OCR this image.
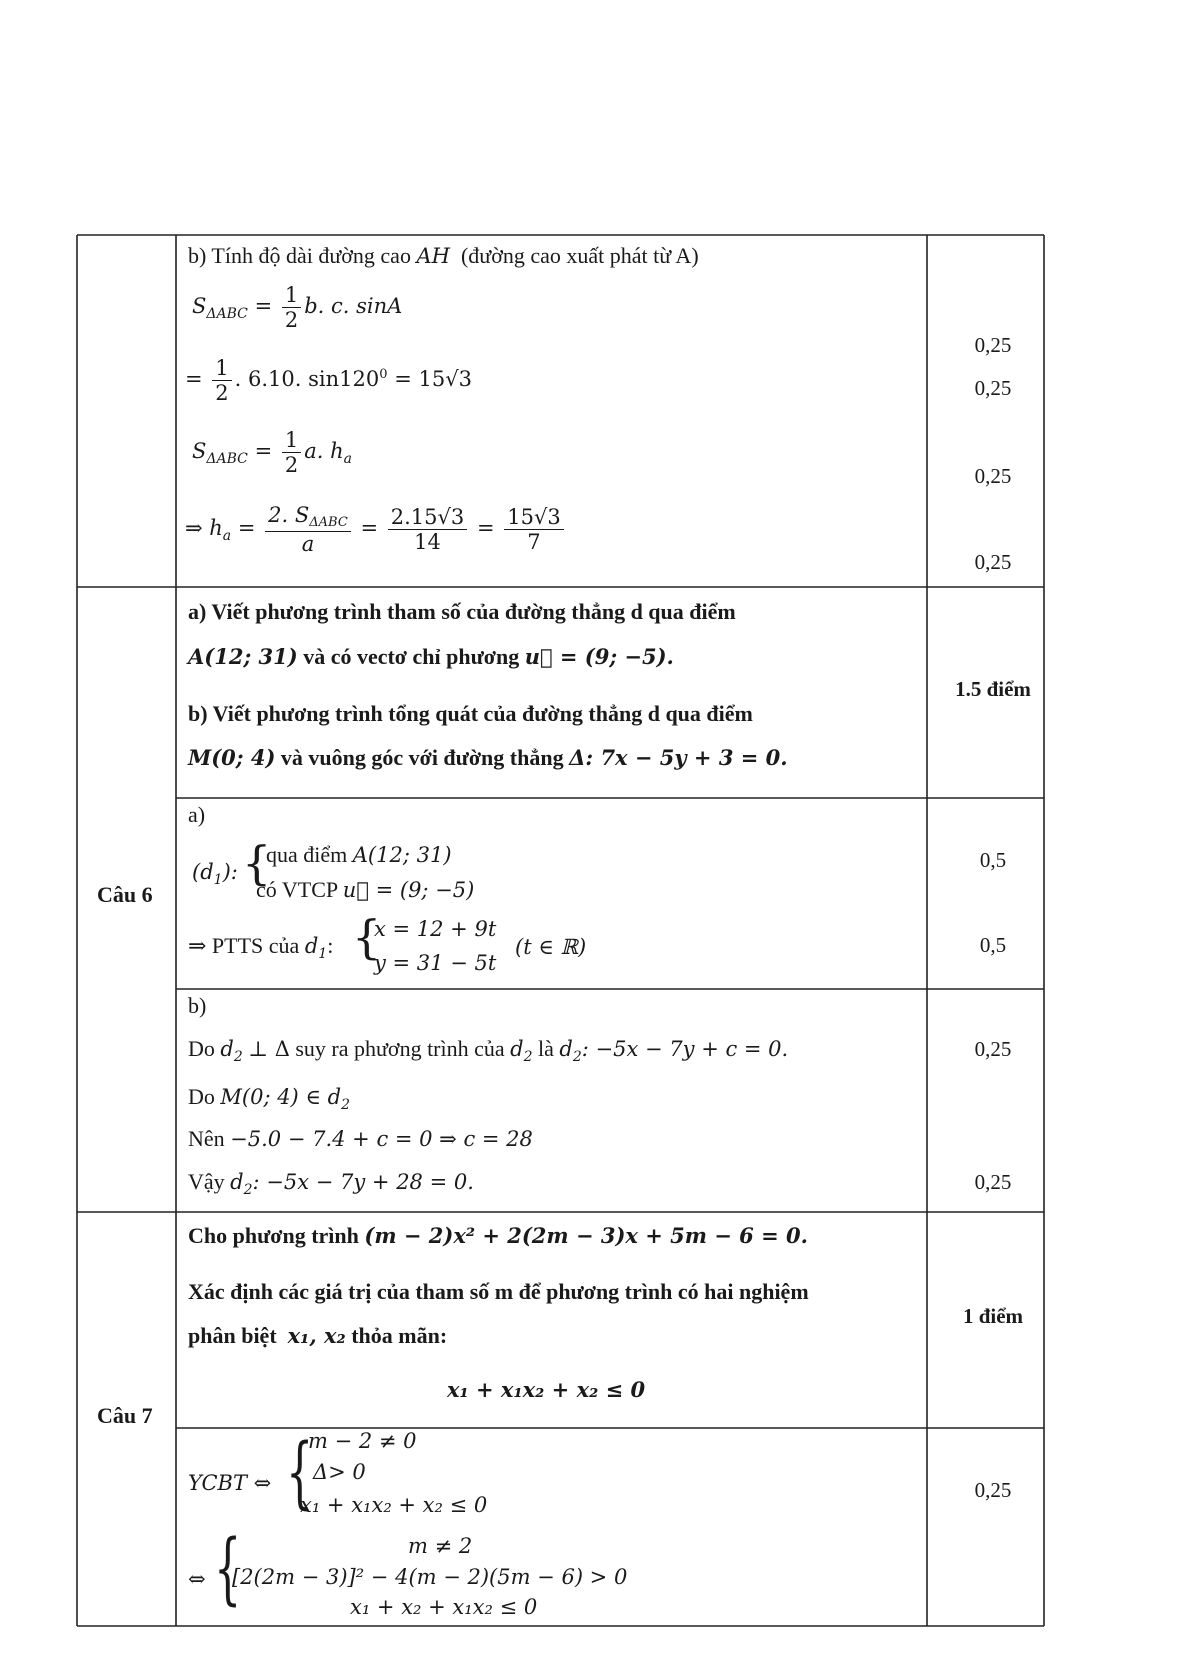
b) Tính độ dài đường cao AH (đường cao xuất phát từ A)
$S_{\Delta ABC} = \frac{1}{2} b$. c. sinA
= $\frac{1}{2}$ . 6.10. $\sin 120^0 = 15√3$
$S_{\Delta ABC} = \frac{1}{2} a$. $h_a$
⇒ $h_a = \frac{\text{2. SΔABC}}{a} = \frac{2.15√3}{14} = \frac{15√3}{7}$
0,25
0,25
0,25
0,25
Câu 6
a) Viết phương trình tham số của đường thẳng d qua điểm
A(12; 31) và có vectơ chỉ phương u⃗ = (9; −5).
b) Viết phương trình tổng quát của đường thẳng d qua điểm
M(0; 4) và vuông góc với đường thẳng Δ: 7x − 5y + 3 = 0.
1.5 điểm
a)
$(d_1)$: {
qua điểm A(12; 31)
có VTCP u⃗ = (9; −5)
⇒ PTTS của $d_1$: {
x = 12 + 9t
y = 31 − 5t
(t ∈ ℝ)
0,5
0,5
b)
Do $d_2$ ⊥ Δ suy ra phương trình của $d_2$ là $d_2$: −5x − 7y + c = 0.
Do M(0; 4) ∈ $d_2$
Nên −5.0 − 7.4 + c = 0 ⇒ c = 28
Vậy $d_2$: −5x − 7y + 28 = 0.
0,25
0,25
Câu 7
Cho phương trình (m − 2)x² + 2(2m − 3)x + 5m − 6 = 0.
Xác định các giá trị của tham số m để phương trình có hai nghiệm
phân biệt x₁, x₂ thỏa mãn:
x₁ + x₁x₂ + x₂ ≤ 0
1 điểm
YCBT ⇔ {
m − 2 ≠ 0
Δ> 0
x₁ + x₁x₂ + x₂ ≤ 0
⇔ {	m ≠ 2
[2(2m − 3)]² − 4(m − 2)(5m − 6) > 0
x₁ + x₂ + x₁x₂ ≤ 0
0,25
